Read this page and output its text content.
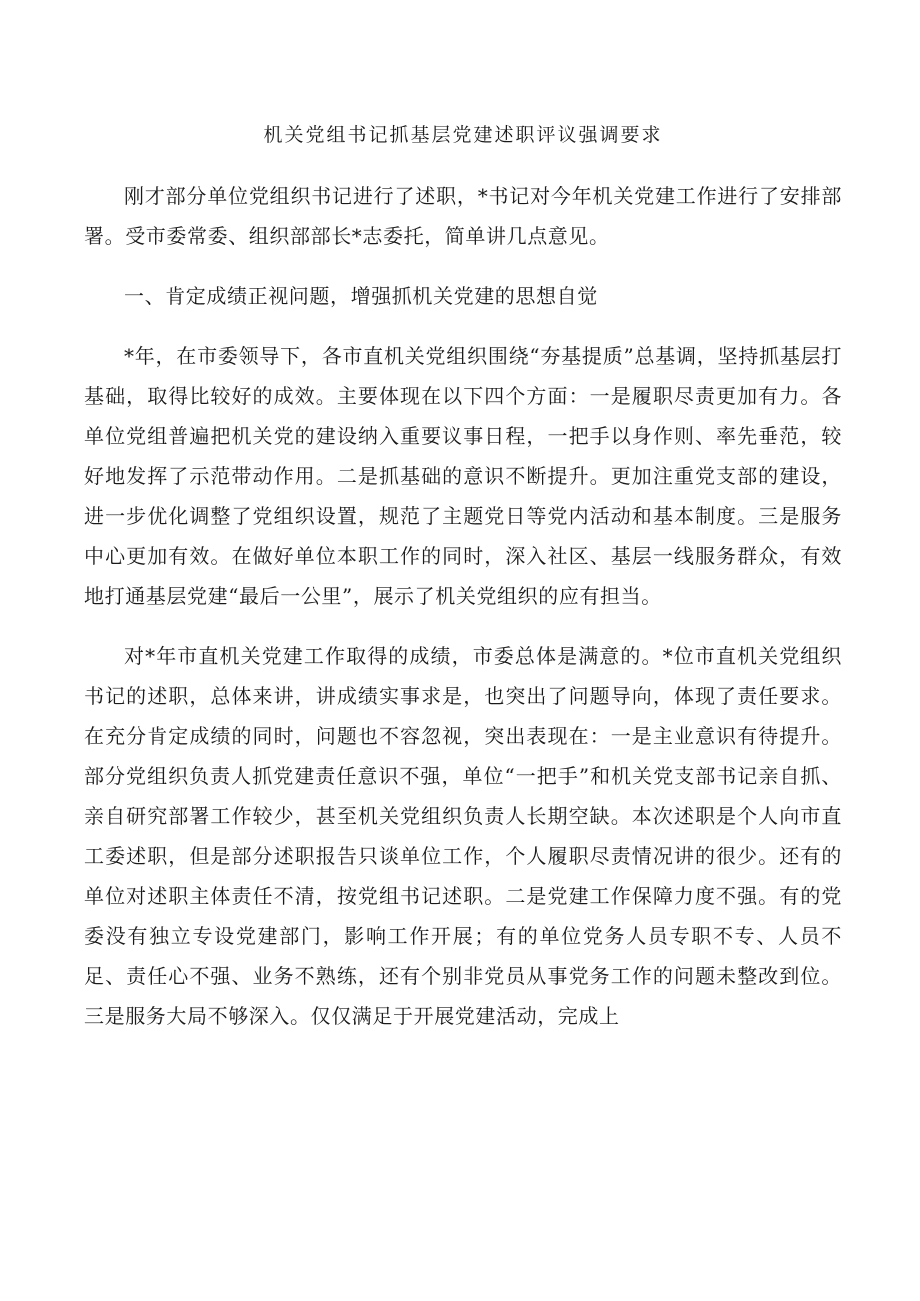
机关党组书记抓基层党建述职评议强调要求

刚才部分单位党组织书记进行了述职，*书记对今年机关党建工作进行了安排部署。受市委常委、组织部部长*志委托，简单讲几点意见。

一、肯定成绩正视问题，增强抓机关党建的思想自觉

*年，在市委领导下，各市直机关党组织围绕“夯基提质”总基调，坚持抓基层打基础，取得比较好的成效。主要体现在以下四个方面：一是履职尽责更加有力。各单位党组普遍把机关党的建设纳入重要议事日程，一把手以身作则、率先垂范，较好地发挥了示范带动作用。二是抓基础的意识不断提升。更加注重党支部的建设，进一步优化调整了党组织设置，规范了主题党日等党内活动和基本制度。三是服务中心更加有效。在做好单位本职工作的同时，深入社区、基层一线服务群众，有效地打通基层党建“最后一公里”，展示了机关党组织的应有担当。

对*年市直机关党建工作取得的成绩，市委总体是满意的。*位市直机关党组织书记的述职，总体来讲，讲成绩实事求是，也突出了问题导向，体现了责任要求。在充分肯定成绩的同时，问题也不容忽视，突出表现在：一是主业意识有待提升。部分党组织负责人抓党建责任意识不强，单位“一把手”和机关党支部书记亲自抓、亲自研究部署工作较少，甚至机关党组织负责人长期空缺。本次述职是个人向市直工委述职，但是部分述职报告只谈单位工作，个人履职尽责情况讲的很少。还有的单位对述职主体责任不清，按党组书记述职。二是党建工作保障力度不强。有的党委没有独立专设党建部门，影响工作开展；有的单位党务人员专职不专、人员不足、责任心不强、业务不熟练，还有个别非党员从事党务工作的问题未整改到位。三是服务大局不够深入。仅仅满足于开展党建活动，完成上
